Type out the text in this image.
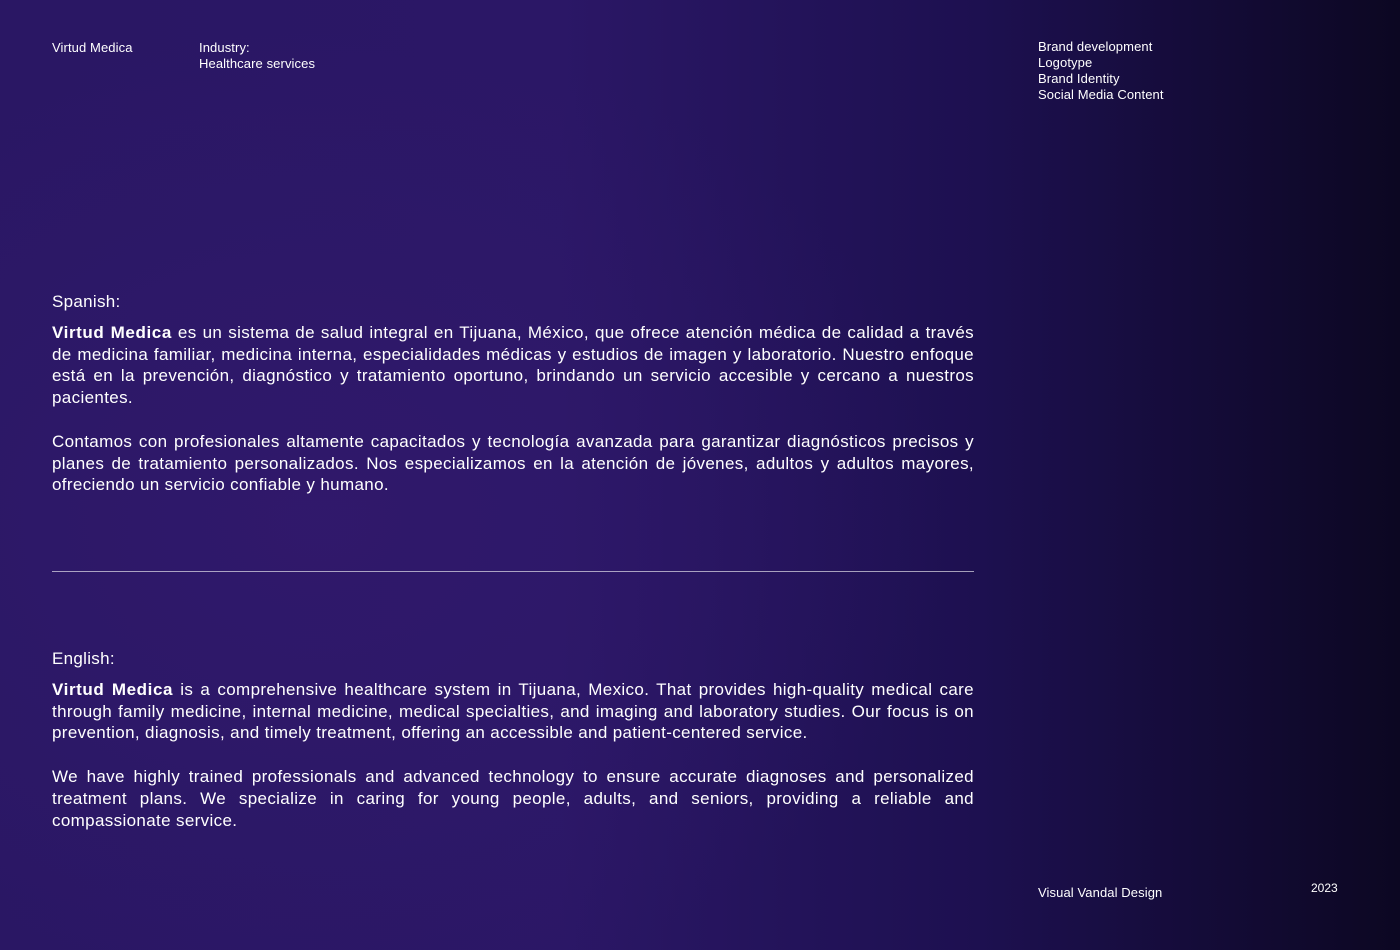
Virtud Medica	Industry:
Healthcare services
Brand development
Logotype
Brand Identity
Social Media Content
Spanish:

Virtud Medica es un sistema de salud integral en Tijuana, México, que ofrece atención médica de calidad a través de medicina familiar, medicina interna, especialidades médicas y estudios de imagen y laboratorio. Nuestro enfoque está en la prevención, diagnóstico y tratamiento oportuno, brindando un servicio accesible y cercano a nuestros pacientes.

Contamos con profesionales altamente capacitados y tecnología avanzada para garantizar diagnósticos precisos y planes de tratamiento personalizados. Nos especializamos en la atención de jóvenes, adultos y adultos mayores, ofreciendo un servicio confiable y humano.

English:

Virtud Medica is a comprehensive healthcare system in Tijuana, Mexico. That provides high-quality medical care through family medicine, internal medicine, medical specialties, and imaging and laboratory studies. Our focus is on prevention, diagnosis, and timely treatment, offering an accessible and patient-centered service.

We have highly trained professionals and advanced technology to ensure accurate diagnoses and personalized treatment plans. We specialize in caring for young people, adults, and seniors, providing a reliable and compassionate service.

Visual Vandal Design	2023
